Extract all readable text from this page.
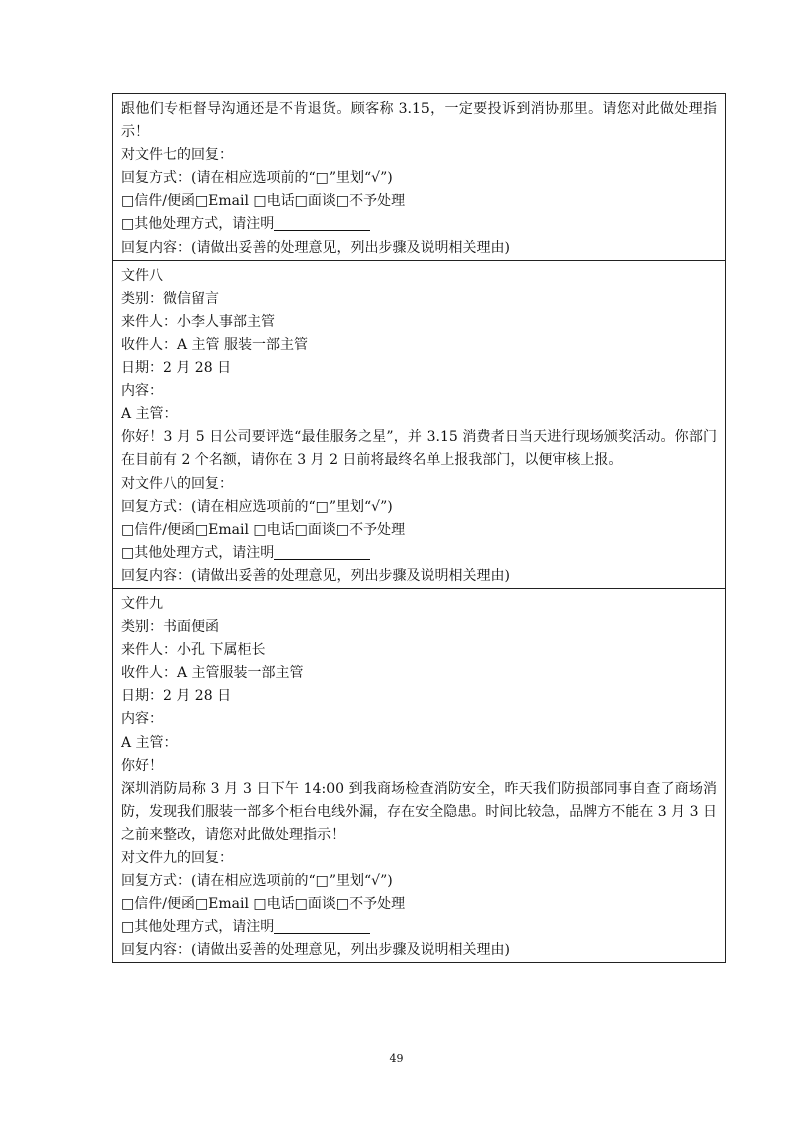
跟他们专柜督导沟通还是不肯退货。顾客称 3.15，一定要投诉到消协那里。请您对此做处理指示！
对文件七的回复：
回复方式：(请在相应选项前的“□”里划“√”)
□信件/便函□Email □电话□面谈□不予处理
□其他处理方式，请注明
回复内容：(请做出妥善的处理意见，列出步骤及说明相关理由)
文件八
类别：微信留言
来件人：小李人事部主管
收件人：A 主管 服装一部主管
日期：2 月 28 日
内容：
A 主管：
你好！3 月 5 日公司要评选“最佳服务之星”，并 3.15 消费者日当天进行现场颁奖活动。你部门在目前有 2 个名额，请你在 3 月 2 日前将最终名单上报我部门，以便审核上报。
对文件八的回复：
回复方式：(请在相应选项前的“□”里划“√”)
□信件/便函□Email □电话□面谈□不予处理
□其他处理方式，请注明
回复内容：(请做出妥善的处理意见，列出步骤及说明相关理由)
文件九
类别：书面便函
来件人：小孔 下属柜长
收件人：A 主管服装一部主管
日期：2 月 28 日
内容：
A 主管：
你好！
深圳消防局称 3 月 3 日下午 14:00 到我商场检查消防安全，昨天我们防损部同事自查了商场消防，发现我们服装一部多个柜台电线外漏，存在安全隐患。时间比较急，品牌方不能在 3 月 3 日之前来整改，请您对此做处理指示！
对文件九的回复：
回复方式：(请在相应选项前的“□”里划“√”)
□信件/便函□Email □电话□面谈□不予处理
□其他处理方式，请注明
回复内容：(请做出妥善的处理意见，列出步骤及说明相关理由)
49
